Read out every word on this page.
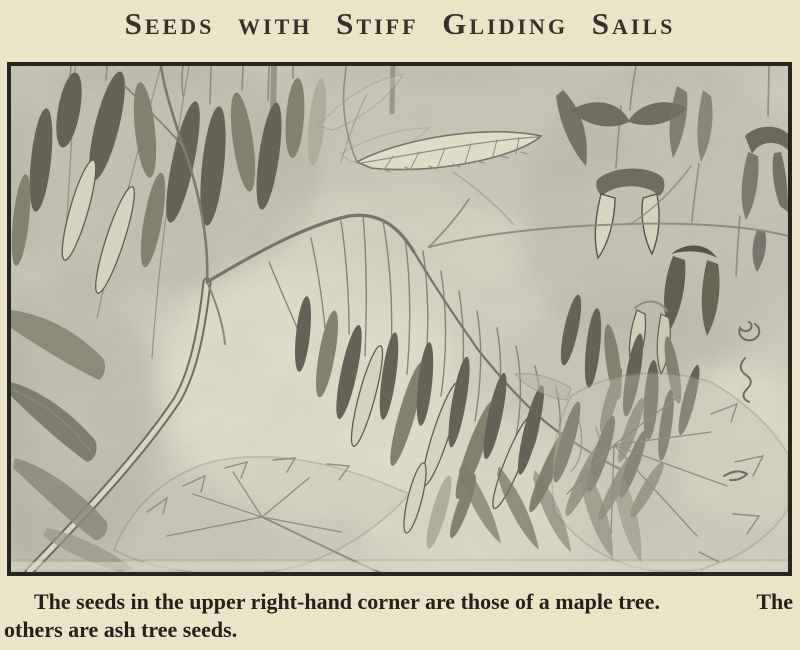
Seeds with Stiff Gliding Sails

The seeds in the upper right-hand corner are those of a maple tree.	The
others are ash tree seeds.
